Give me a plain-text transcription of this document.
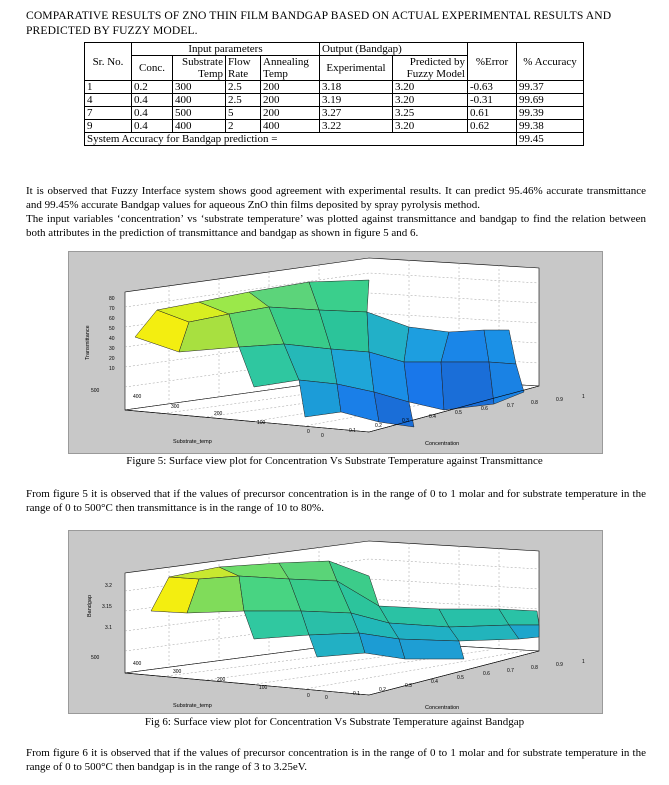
COMPARATIVE RESULTS OF ZNO THIN FILM BANDGAP BASED ON ACTUAL EXPERIMENTAL RESULTS AND PREDICTED BY FUZZY MODEL.
Sr. No.	Input parameters				Output (Bandgap)		%Error	% Accuracy
	Conc.	Substrate Temp	Flow Rate	Annealing Temp	Experimental	Predicted by Fuzzy Model		
1	0.2	300	2.5	200	3.18	3.20	-0.63	99.37
4	0.4	400	2.5	200	3.19	3.20	-0.31	99.69
7	0.4	500	5	200	3.27	3.25	0.61	99.39
9	0.4	400	2	400	3.22	3.20	0.62	99.38
System Accuracy for Bandgap prediction =								99.45
It is observed that Fuzzy Interface system shows good agreement with experimental results. It can predict 95.46% accurate transmittance and 99.45% accurate Bandgap values for aqueous ZnO thin films deposited by spray pyrolysis method.
The input variables ‘concentration’ vs ‘substrate temperature’ was plotted against transmittance and bandgap to find the relation between both attributes in the prediction of transmittance and bandgap as shown in figure 5 and 6.
80
70
60
50
40
30
20
10
Transmittance
500
400
300
200
100
0
Substrate_temp
0
0.1
0.2
0.3
0.4
0.5
0.6	0.7	0.8	0.9	1
Concentration
Figure 5: Surface view plot for Concentration Vs Substrate Temperature against Transmittance
From figure 5 it is observed that if the values of precursor concentration is in the range of 0 to 1 molar and for substrate temperature in the range of 0 to 500°C then transmittance is in the range of 10 to 80%.
3.2
3.15
3.1
Bandgap
500
400
300
200
100
0
Substrate_temp
0
0.1
0.2
0.3
0.4
0.5
0.6	0.7	0.8	0.9	1
Concentration
Fig 6: Surface view plot for Concentration Vs Substrate Temperature against Bandgap
From figure 6 it is observed that if the values of precursor concentration is in the range of 0 to 1 molar and for substrate temperature in the range of 0 to 500°C then bandgap is in the range of 3 to 3.25eV.
